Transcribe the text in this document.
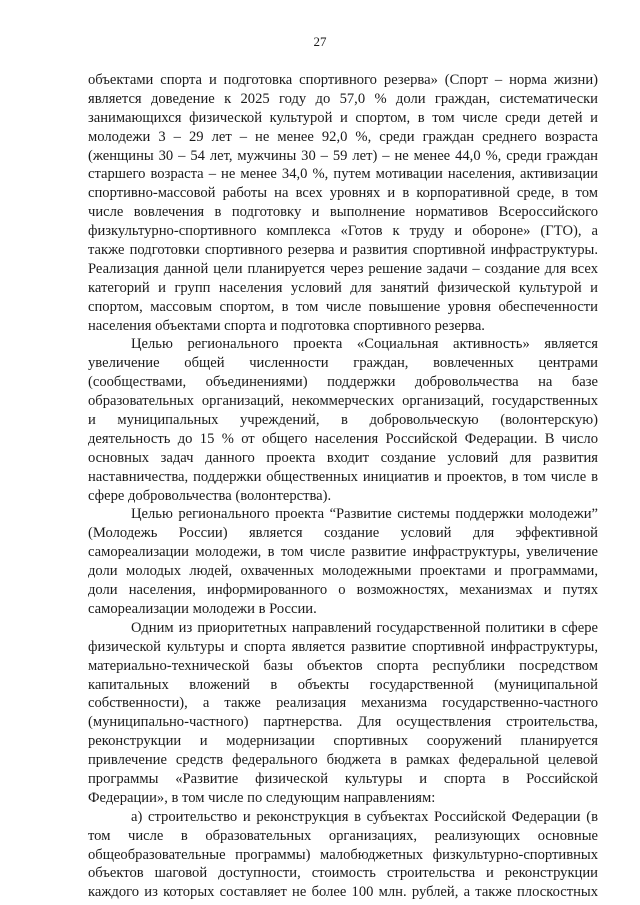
27
объектами спорта и подготовка спортивного резерва» (Спорт – норма жизни)
является доведение к 2025 году до 57,0 % доли граждан, систематически
занимающихся физической культурой и спортом, в том числе среди детей и
молодежи 3 – 29 лет – не менее 92,0 %, среди граждан среднего возраста
(женщины 30 – 54 лет, мужчины 30 – 59 лет) – не менее 44,0 %, среди граждан
старшего возраста – не менее 34,0 %, путем мотивации населения, активизации
спортивно-массовой работы на всех уровнях и в корпоративной среде, в том
числе вовлечения в подготовку и выполнение нормативов Всероссийского
физкультурно-спортивного комплекса «Готов к труду и обороне» (ГТО), а
также подготовки спортивного резерва и развития спортивной инфраструктуры.
Реализация данной цели планируется через решение задачи – создание для всех
категорий и групп населения условий для занятий физической культурой и
спортом, массовым спортом, в том числе повышение уровня обеспеченности
населения объектами спорта и подготовка спортивного резерва.
Целью регионального проекта «Социальная активность» является
увеличение общей численности граждан, вовлеченных центрами
(сообществами, объединениями) поддержки добровольчества на базе
образовательных организаций, некоммерческих организаций, государственных
и муниципальных учреждений, в добровольческую (волонтерскую)
деятельность до 15 % от общего населения Российской Федерации. В число
основных задач данного проекта входит создание условий для развития
наставничества, поддержки общественных инициатив и проектов, в том числе в
сфере добровольчества (волонтерства).
Целью регионального проекта “Развитие системы поддержки молодежи”
(Молодежь России) является создание условий для эффективной
самореализации молодежи, в том числе развитие инфраструктуры, увеличение
доли молодых людей, охваченных молодежными проектами и программами,
доли населения, информированного о возможностях, механизмах и путях
самореализации молодежи в России.
Одним из приоритетных направлений государственной политики в сфере
физической культуры и спорта является развитие спортивной инфраструктуры,
материально-технической базы объектов спорта республики посредством
капитальных вложений в объекты государственной (муниципальной
собственности), а также реализация механизма государственно-частного
(муниципально-частного) партнерства. Для осуществления строительства,
реконструкции и модернизации спортивных сооружений планируется
привлечение средств федерального бюджета в рамках федеральной целевой
программы «Развитие физической культуры и спорта в Российской
Федерации», в том числе по следующим направлениям:
а) строительство и реконструкция в субъектах Российской Федерации (в
том числе в образовательных организациях, реализующих основные
общеобразовательные программы) малобюджетных физкультурно-спортивных
объектов шаговой доступности, стоимость строительства и реконструкции
каждого из которых составляет не более 100 млн. рублей, а также плоскостных
